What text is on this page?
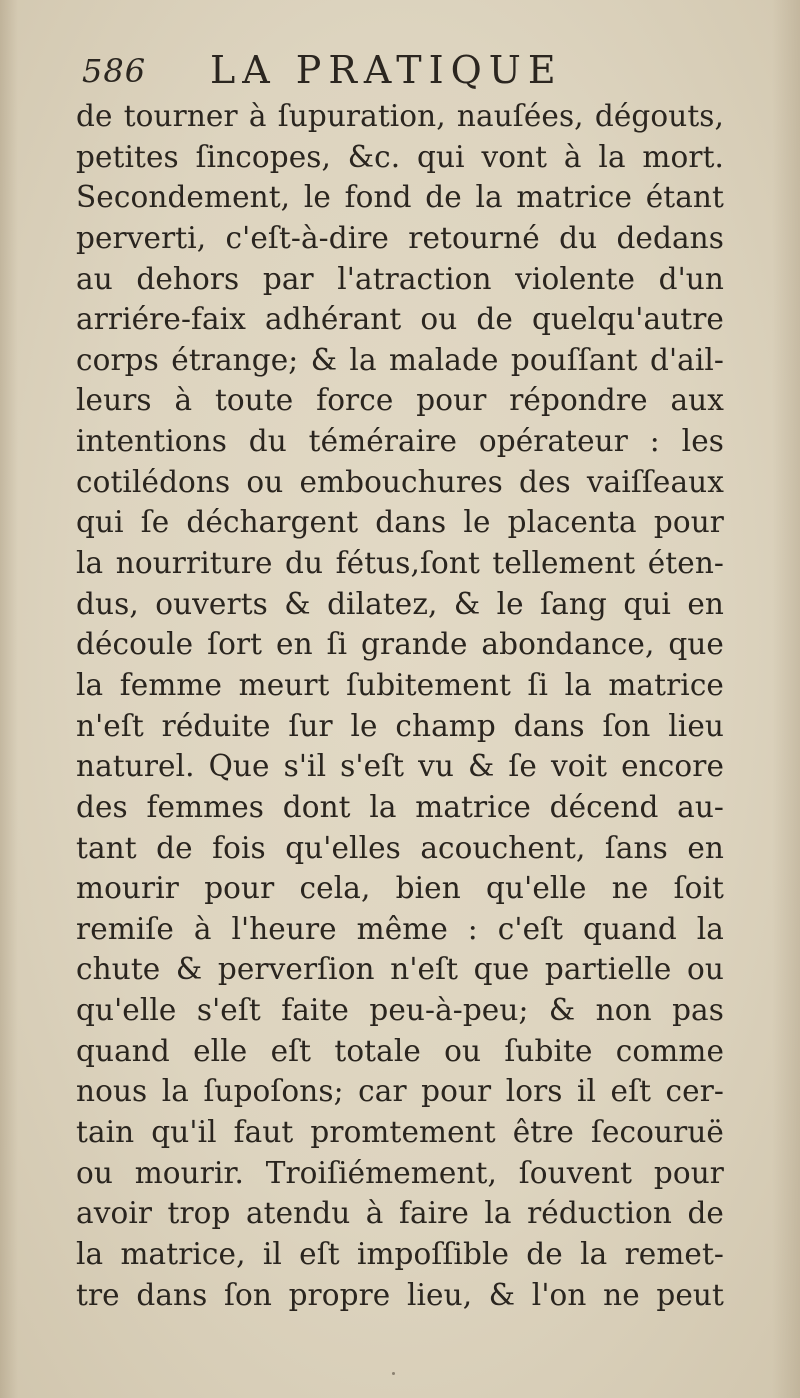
586 LA PRATIQUE
de tourner à ſupuration, nauſées, dégouts,
petites ſincopes, &c. qui vont à la mort.
Secondement, le fond de la matrice étant
perverti, c'eſt-à-dire retourné du dedans
au dehors par l'atraction violente d'un
arriére-faix adhérant ou de quelqu'autre
corps étrange; & la malade pouſſant d'ail-
leurs à toute force pour répondre aux
intentions du téméraire opérateur : les
cotilédons ou embouchures des vaiſſeaux
qui ſe déchargent dans le placenta pour
la nourriture du fétus,ſont tellement éten-
dus, ouverts & dilatez, & le ſang qui en
découle ſort en ſi grande abondance, que
la femme meurt ſubitement ſi la matrice
n'eſt réduite ſur le champ dans ſon lieu
naturel. Que s'il s'eſt vu & ſe voit encore
des femmes dont la matrice décend au-
tant de fois qu'elles acouchent, ſans en
mourir pour cela, bien qu'elle ne ſoit
remiſe à l'heure même : c'eſt quand la
chute & perverſion n'eſt que partielle ou
qu'elle s'eſt faite peu-à-peu; & non pas
quand elle eſt totale ou ſubite comme
nous la ſupoſons; car pour lors il eſt cer-
tain qu'il faut promtement être ſecouruë
ou mourir. Troiſiémement, ſouvent pour
avoir trop atendu à faire la réduction de
la matrice, il eſt impoſſible de la remet-
tre dans ſon propre lieu, & l'on ne peut
